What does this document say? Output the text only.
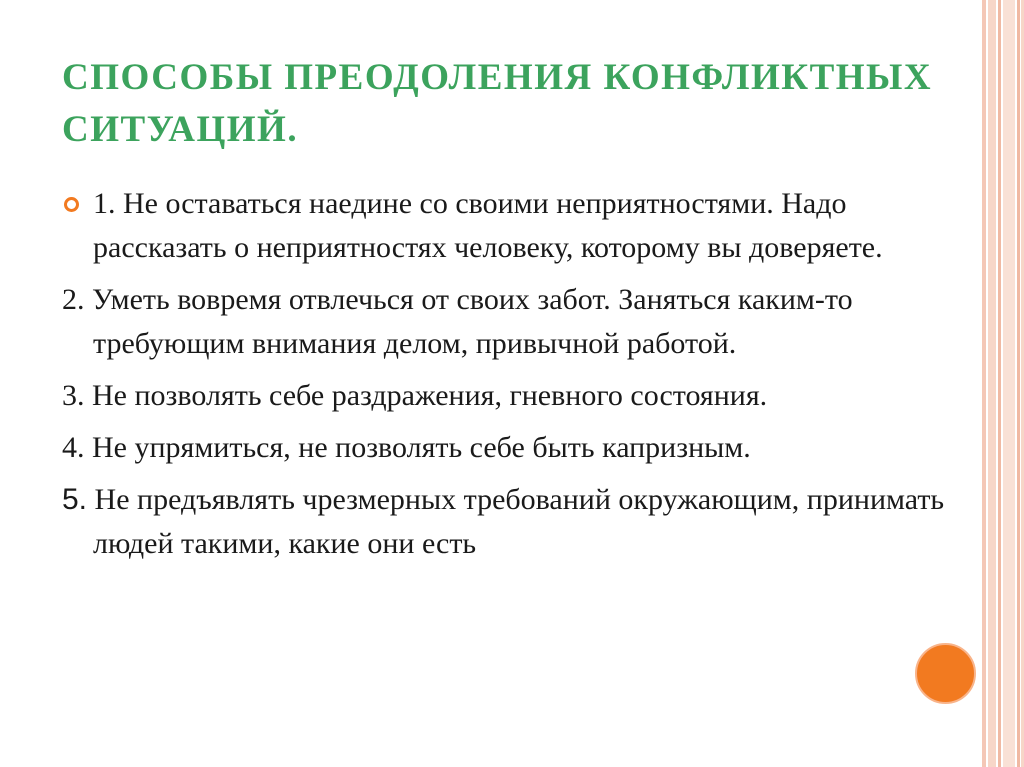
СПОСОБЫ ПРЕОДОЛЕНИЯ КОНФЛИКТНЫХ СИТУАЦИЙ.

1. Не оставаться наедине со своими неприятностями. Надо рассказать о неприятностях человеку, которому вы доверяете.

2. Уметь вовремя отвлечься от своих забот. Заняться каким-то требующим внимания делом, привычной работой.

3. Не позволять себе раздражения, гневного состояния.

4. Не упрямиться, не позволять себе быть капризным.

5. Не предъявлять чрезмерных требований окружающим, принимать людей такими, какие они есть
